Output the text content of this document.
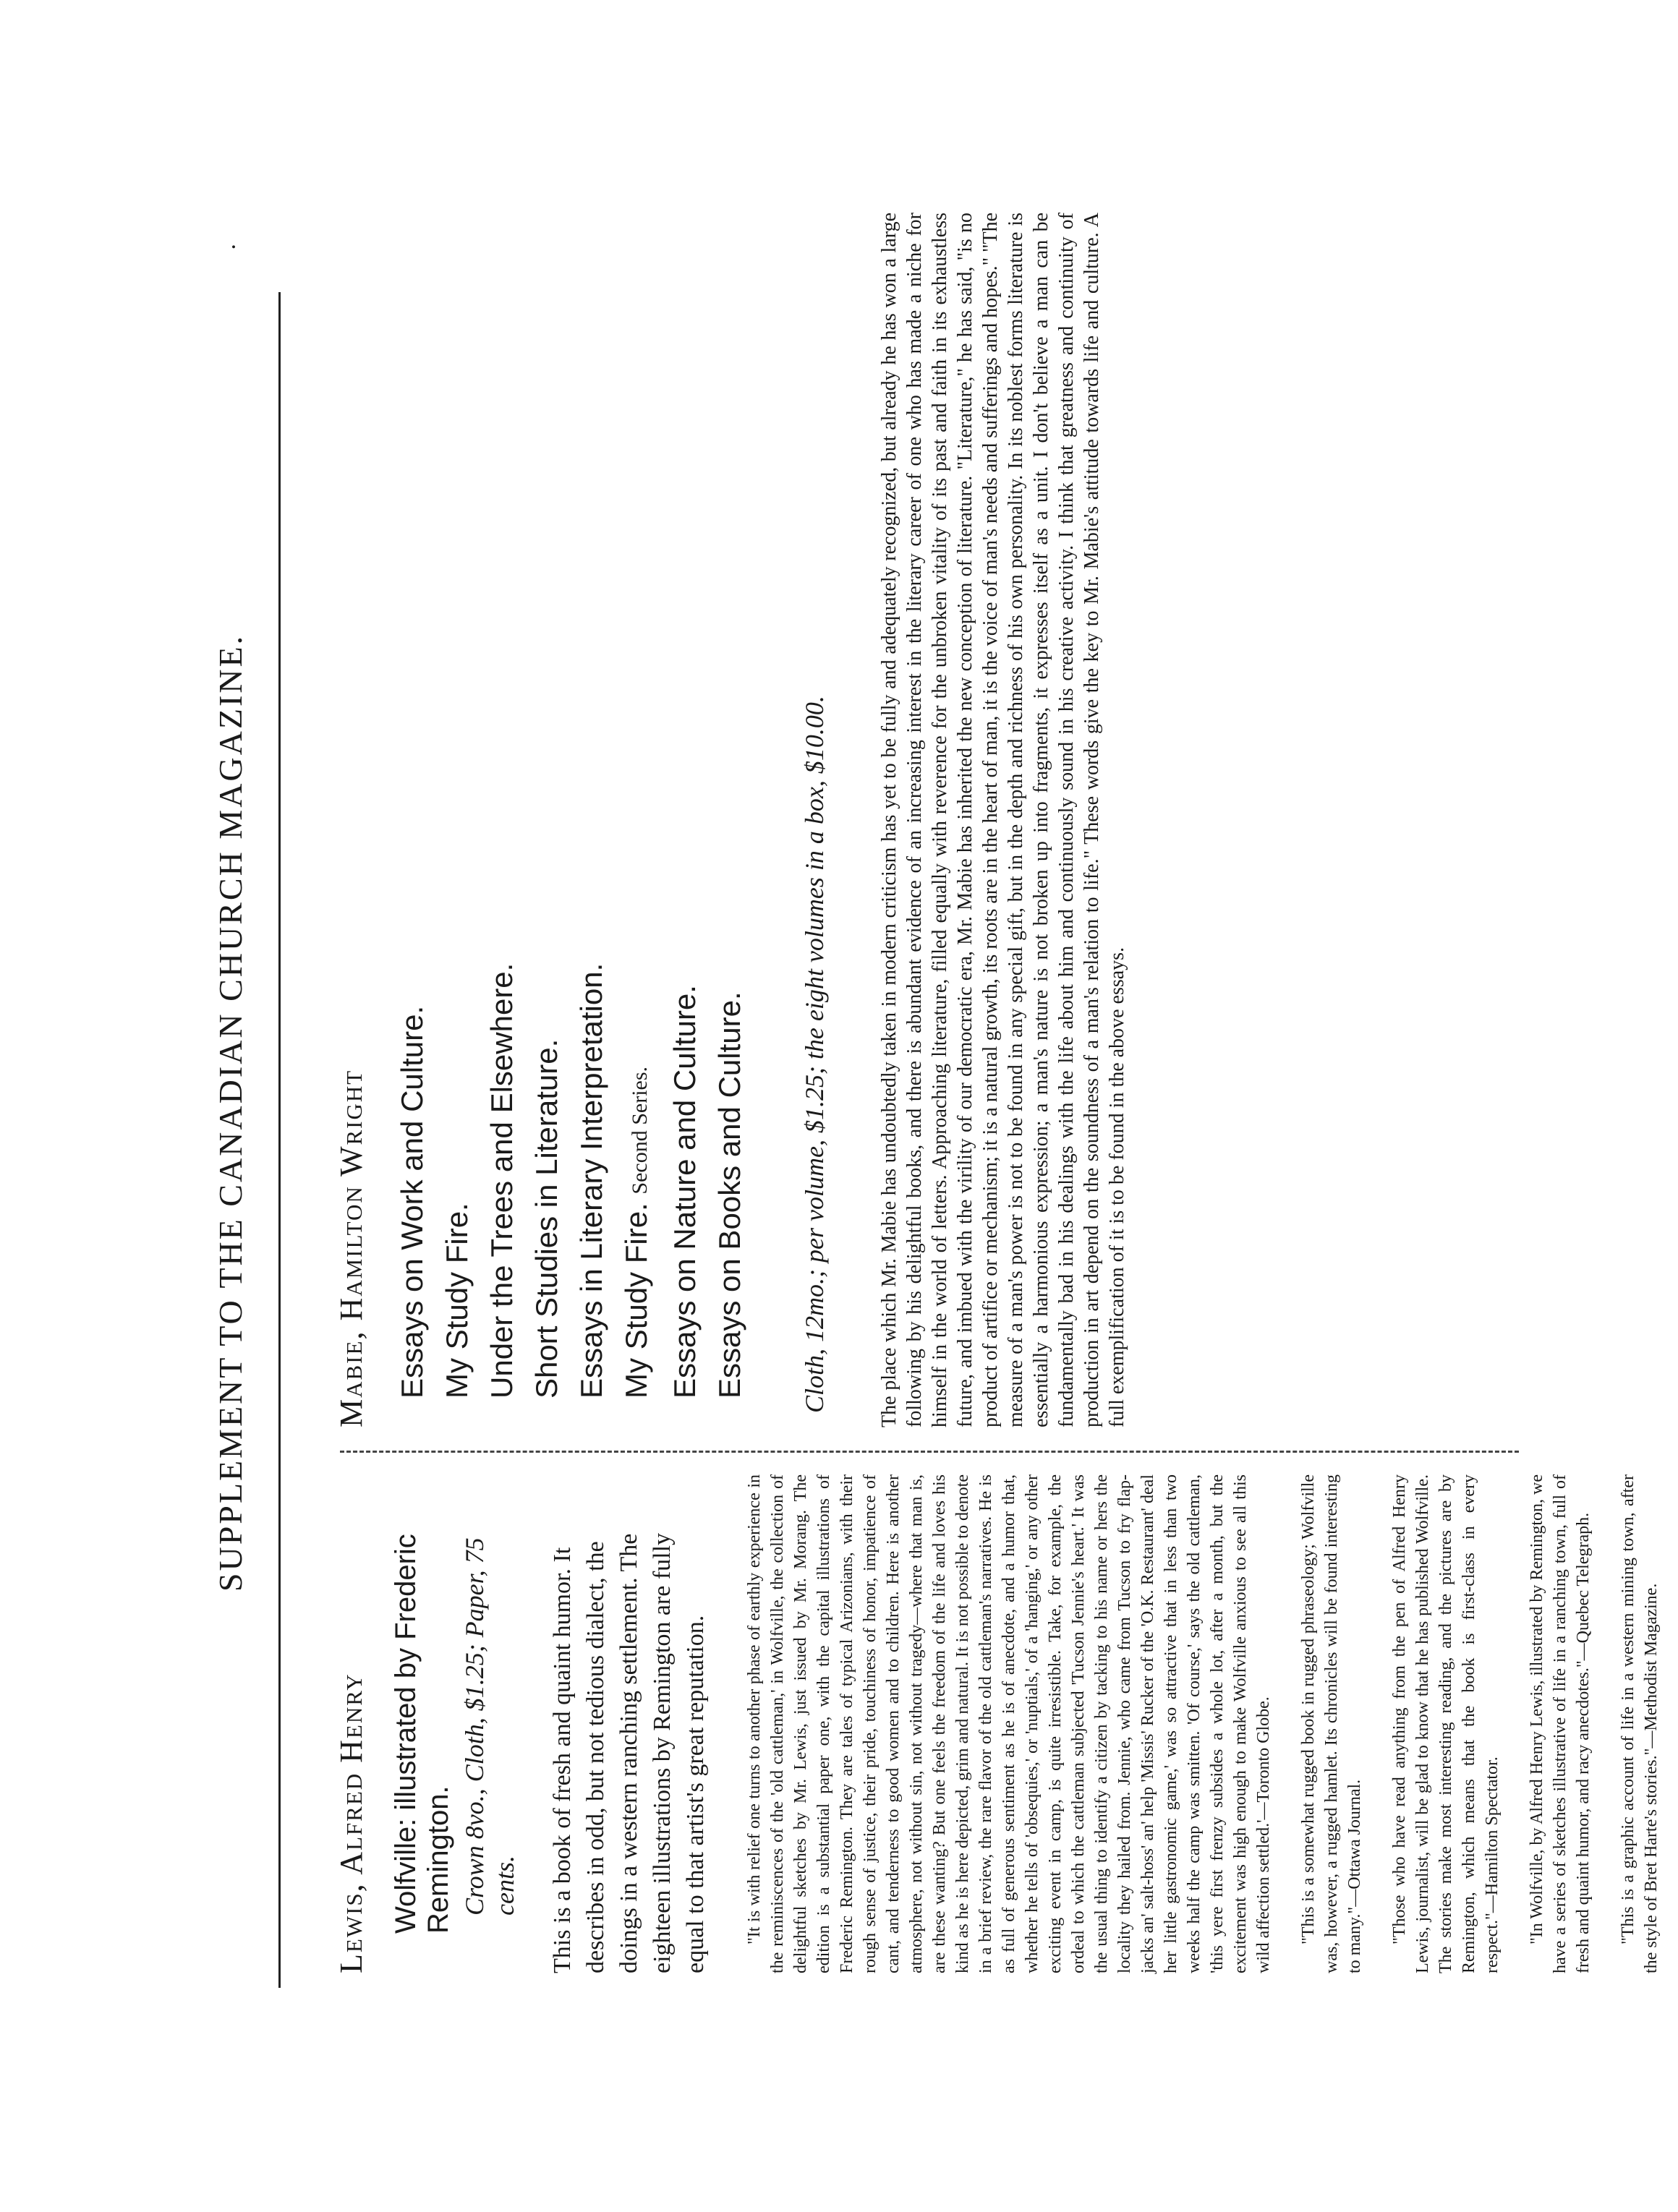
·
SUPPLEMENT TO THE CANADIAN CHURCH MAGAZINE.
Lewis, Alfred Henry Wolfville: illustrated by Frederic Remington. Crown 8vo., Cloth, $1.25; Paper, 75 cents. This is a book of fresh and quaint humor. It describes in odd, but not tedious dialect, the doings in a western ranching settlement. The eighteen illustrations by Remington are fully equal to that artist's great reputation. "It is with relief one turns to another phase of earthly experience in the reminiscences of the 'old cattleman,' in Wolfville, the collection of delightful sketches by Mr. Lewis, just issued by Mr. Morang. The edition is a substantial paper one, with the capital illustrations of Frederic Remington. They are tales of typical Arizonians, with their rough sense of justice, their pride, touchiness of honor, impatience of cant, and tenderness to good women and to children. Here is another atmosphere, not without sin, not without tragedy—where that man is, are these wanting? But one feels the freedom of the life and loves his kind as he is here depicted, grim and natural. It is not possible to denote in a brief review, the rare flavor of the old cattleman's narratives. He is as full of generous sentiment as he is of anecdote, and a humor that, whether he tells of 'obsequies,' or 'nuptials,' of a 'hanging,' or any other exciting event in camp, is quite irresistible. Take, for example, the ordeal to which the cattleman subjected 'Tucson Jennie's heart.' It was the usual thing to identify a citizen by tacking to his name or hers the locality they hailed from. Jennie, who came from Tucson to fry flap-jacks an' salt-hoss' an' help 'Missis' Rucker of the 'O.K. Restaurant' deal her little gastronomic game,' was so attractive that in less than two weeks half the camp was smitten. 'Of course,' says the old cattleman, 'this yere first frenzy subsides a whole lot, after a month, but the excitement was high enough to make Wolfville anxious to see all this wild affection settled.'—Toronto Globe. "This is a somewhat rugged book in rugged phraseology; Wolfville was, however, a rugged hamlet. Its chronicles will be found interesting to many."—Ottawa Journal. "Those who have read anything from the pen of Alfred Henry Lewis, journalist, will be glad to know that he has published Wolfville. The stories make most interesting reading, and the pictures are by Remington, which means that the book is first-class in every respect."—Hamilton Spectator. "In Wolfville, by Alfred Henry Lewis, illustrated by Remington, we have a series of sketches illustrative of life in a ranching town, full of fresh and quaint humor, and racy anecdotes."—Quebec Telegraph. "This is a graphic account of life in a western mining town, after the style of Bret Harte's stories."—Methodist Magazine.

Mabie, Hamilton Wright Essays on Work and Culture. My Study Fire. Under the Trees and Elsewhere. Short Studies in Literature. Essays in Literary Interpretation. My Study Fire. Second Series. Essays on Nature and Culture. Essays on Books and Culture. Cloth, 12mo.; per volume, $1.25; the eight volumes in a box, $10.00. The place which Mr. Mabie has undoubtedly taken in modern criticism has yet to be fully and adequately recognized, but already he has won a large following by his delightful books, and there is abundant evidence of an increasing interest in the literary career of one who has made a niche for himself in the world of letters. Approaching literature, filled equally with reverence for the unbroken vitality of its past and faith in its exhaustless future, and imbued with the virility of our democratic era, Mr. Mabie has inherited the new conception of literature. "Literature," he has said, "is no product of artifice or mechanism; it is a natural growth, its roots are in the heart of man, it is the voice of man's needs and sufferings and hopes." "The measure of a man's power is not to be found in any special gift, but in the depth and richness of his own personality. In its noblest forms literature is essentially a harmonious expression; a man's nature is not broken up into fragments, it expresses itself as a unit. I don't believe a man can be fundamentally bad in his dealings with the life about him and continuously sound in his creative activity. I think that greatness and continuity of production in art depend on the soundness of a man's relation to life." These words give the key to Mr. Mabie's attitude towards life and culture. A full exemplification of it is to be found in the above essays.
